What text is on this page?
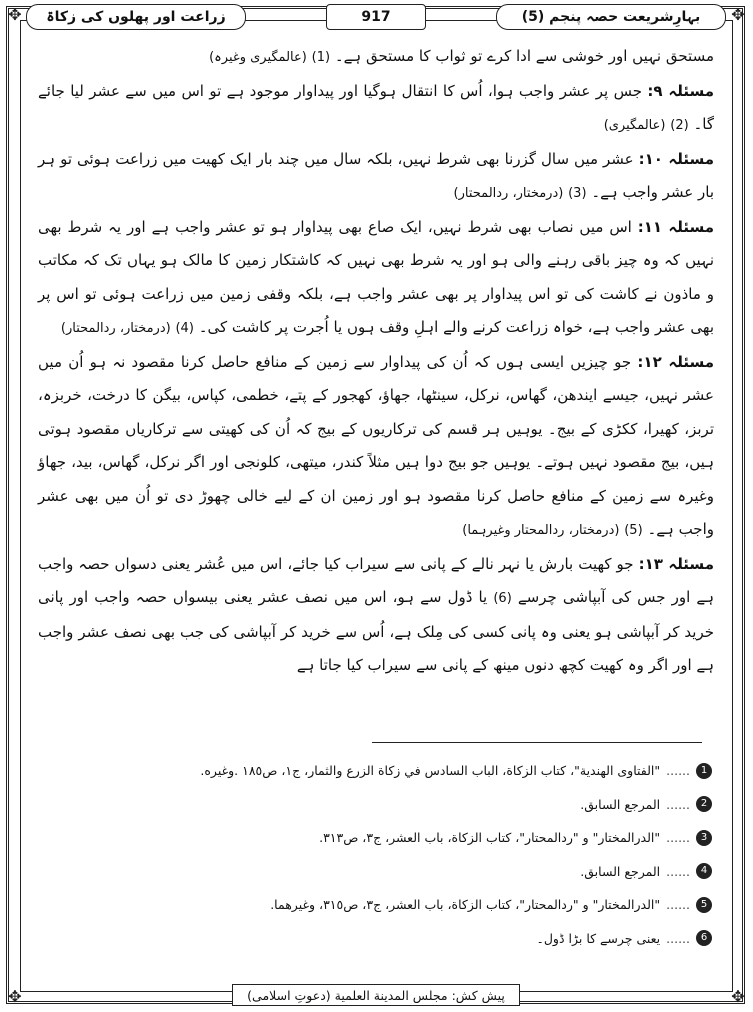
✥	✥
✥	✥
بہارِشریعت حصہ پنجم (5)
917
زراعت اور پھلوں کی زکاۃ

مستحق نہیں اور خوشی سے ادا کرے تو ثواب کا مستحق ہے۔ (1) (عالمگیری وغیرہ)

مسئلہ ۹: جس پر عشر واجب ہوا، اُس کا انتقال ہوگیا اور پیداوار موجود ہے تو اس میں سے عشر لیا جائے گا۔ (2) (عالمگیری)

مسئلہ ۱۰: عشر میں سال گزرنا بھی شرط نہیں، بلکہ سال میں چند بار ایک کھیت میں زراعت ہوئی تو ہر بار عشر واجب ہے۔ (3) (درمختار، ردالمحتار)

مسئلہ ۱۱: اس میں نصاب بھی شرط نہیں، ایک صاع بھی پیداوار ہو تو عشر واجب ہے اور یہ شرط بھی نہیں کہ وہ چیز باقی رہنے والی ہو اور یہ شرط بھی نہیں کہ کاشتکار زمین کا مالک ہو یہاں تک کہ مکاتب و ماذون نے کاشت کی تو اس پیداوار پر بھی عشر واجب ہے، بلکہ وقفی زمین میں زراعت ہوئی تو اس پر بھی عشر واجب ہے، خواہ زراعت کرنے والے اہلِ وقف ہوں یا اُجرت پر کاشت کی۔ (4) (درمختار، ردالمحتار)

مسئلہ ۱۲: جو چیزیں ایسی ہوں کہ اُن کی پیداوار سے زمین کے منافع حاصل کرنا مقصود نہ ہو اُن میں عشر نہیں، جیسے ایندھن، گھاس، نرکل، سینٹھا، جھاؤ، کھجور کے پتے، خطمی، کپاس، بیگن کا درخت، خربزہ، تربز، کھیرا، ککڑی کے بیج۔ یوہیں ہر قسم کی ترکاریوں کے بیج کہ اُن کی کھیتی سے ترکاریاں مقصود ہوتی ہیں، بیج مقصود نہیں ہوتے۔ یوہیں جو بیج دوا ہیں مثلاً کندر، میتھی، کلونجی اور اگر نرکل، گھاس، بید، جھاؤ وغیرہ سے زمین کے منافع حاصل کرنا مقصود ہو اور زمین ان کے لیے خالی چھوڑ دی تو اُن میں بھی عشر واجب ہے۔ (5) (درمختار، ردالمحتار وغیرہما)

مسئلہ ۱۳: جو کھیت بارش یا نہر نالے کے پانی سے سیراب کیا جائے، اس میں عُشر یعنی دسواں حصہ واجب ہے اور جس کی آبپاشی چرسے (6) یا ڈول سے ہو، اس میں نصف عشر یعنی بیسواں حصہ واجب اور پانی خرید کر آبپاشی ہو یعنی وہ پانی کسی کی مِلک ہے، اُس سے خرید کر آبپاشی کی جب بھی نصف عشر واجب ہے اور اگر وہ کھیت کچھ دنوں مینھ کے پانی سے سیراب کیا جاتا ہے

1
......
"الفتاوى الهندية"، كتاب الزكاة، الباب السادس في زكاة الزرع والثمار، ج١، ص١٨٥ .وغيره.
2
......
المرجع السابق.
3
......
"الدرالمختار" و "ردالمحتار"، كتاب الزكاة، باب العشر، ج٣، ص٣١٣.
4
......
المرجع السابق.
5
......
"الدرالمختار" و "ردالمحتار"، كتاب الزكاة، باب العشر، ج٣، ص٣١٥، وغيرهما.
6
......
یعنی چرسے کا بڑا ڈول۔
پیش کش: مجلس المدينة العلمية (دعوتِ اسلامی)
